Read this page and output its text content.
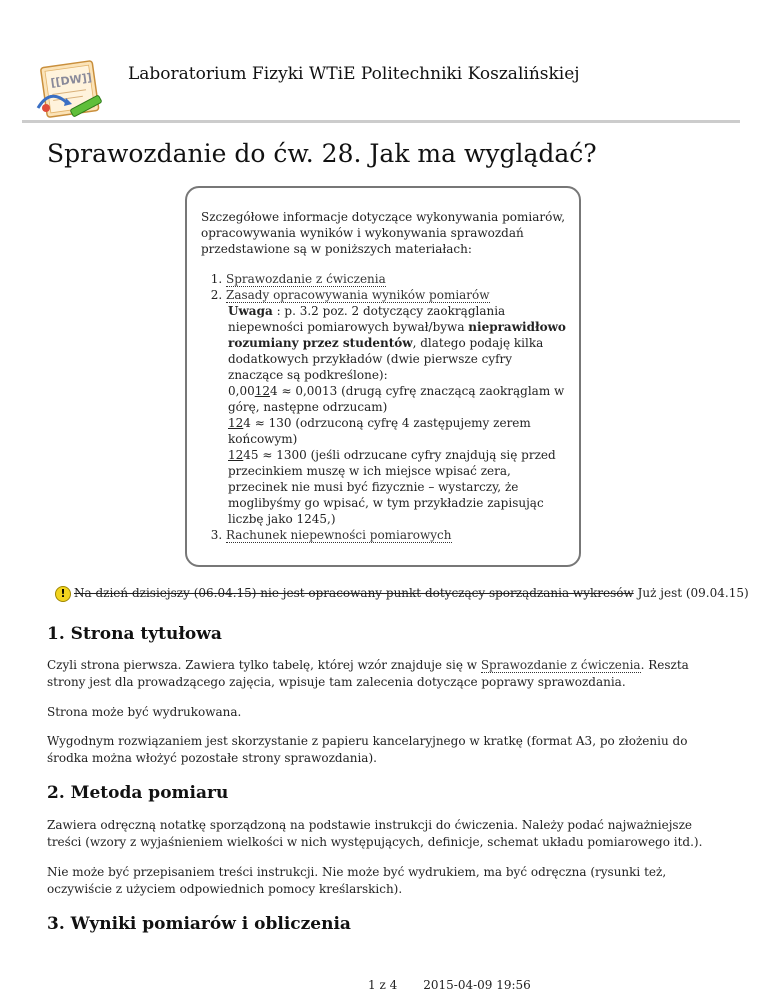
[[DW]] Laboratorium Fizyki WTiE Politechniki Koszalińskiej
Sprawozdanie do ćw. 28. Jak ma wyglądać?

Szczegółowe informacje dotyczące wykonywania pomiarów, opracowywania wyników i wykonywania sprawozdań przedstawione są w poniższych materiałach:

1. Sprawozdanie z ćwiczenia
2. Zasady opracowywania wyników pomiarów
Uwaga : p. 3.2 poz. 2 dotyczący zaokrąglania niepewności pomiarowych bywał/bywa nieprawidłowo rozumiany przez studentów, dlatego podaję kilka dodatkowych przykładów (dwie pierwsze cyfry znaczące są podkreślone):
0,00124 ≈ 0,0013 (drugą cyfrę znaczącą zaokrąglam w górę, następne odrzucam)
124 ≈ 130 (odrzuconą cyfrę 4 zastępujemy zerem końcowym)
1245 ≈ 1300 (jeśli odrzucane cyfry znajdują się przed przecinkiem muszę w ich miejsce wpisać zera, przecinek nie musi być fizycznie – wystarczy, że moglibyśmy go wpisać, w tym przykładzie zapisując liczbę jako 1245,)
3. Rachunek niepewności pomiarowych
! Na dzień dzisiejszy (06.04.15) nie jest opracowany punkt dotyczący sporządzania wykresów Już jest (09.04.15)
1. Strona tytułowa

Czyli strona pierwsza. Zawiera tylko tabelę, której wzór znajduje się w Sprawozdanie z ćwiczenia. Reszta strony jest dla prowadzącego zajęcia, wpisuje tam zalecenia dotyczące poprawy sprawozdania.

Strona może być wydrukowana.

Wygodnym rozwiązaniem jest skorzystanie z papieru kancelaryjnego w kratkę (format A3, po złożeniu do środka można włożyć pozostałe strony sprawozdania).

2. Metoda pomiaru

Zawiera odręczną notatkę sporządzoną na podstawie instrukcji do ćwiczenia. Należy podać najważniejsze treści (wzory z wyjaśnieniem wielkości w nich występujących, definicje, schemat układu pomiarowego itd.).

Nie może być przepisaniem treści instrukcji. Nie może być wydrukiem, ma być odręczna (rysunki też, oczywiście z użyciem odpowiednich pomocy kreślarskich).

3. Wyniki pomiarów i obliczenia
1 z 4 2015-04-09 19:56
